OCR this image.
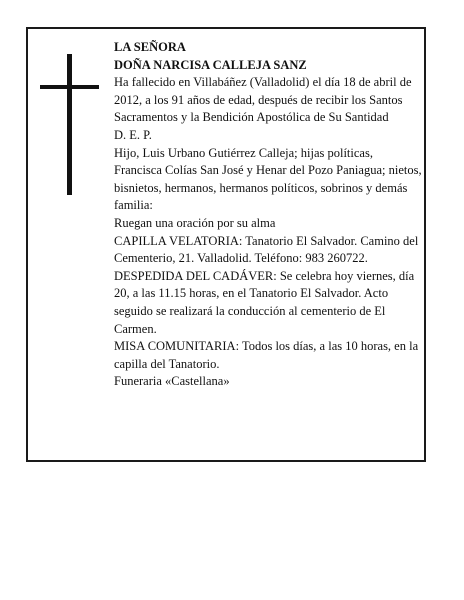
LA SEÑORA

DOÑA NARCISA CALLEJA SANZ

Ha fallecido en Villabáñez (Valladolid) el día 18 de abril de 2012, a los 91 años de edad, después de recibir los Santos Sacramentos y la Bendición Apostólica de Su Santidad

D. E. P.

Hijo, Luis Urbano Gutiérrez Calleja; hijas políticas, Francisca Colías San José y Henar del Pozo Paniagua; nietos, bisnietos, hermanos, hermanos políticos, sobrinos y demás familia:

Ruegan una oración por su alma

CAPILLA VELATORIA: Tanatorio El Salvador. Camino del Cementerio, 21. Valladolid. Teléfono: 983 260722.

DESPEDIDA DEL CADÁVER: Se celebra hoy viernes, día 20, a las 11.15 horas, en el Tanatorio El Salvador. Acto seguido se realizará la conducción al cementerio de El Carmen.

MISA COMUNITARIA: Todos los días, a las 10 horas, en la capilla del Tanatorio.

Funeraria «Castellana»
